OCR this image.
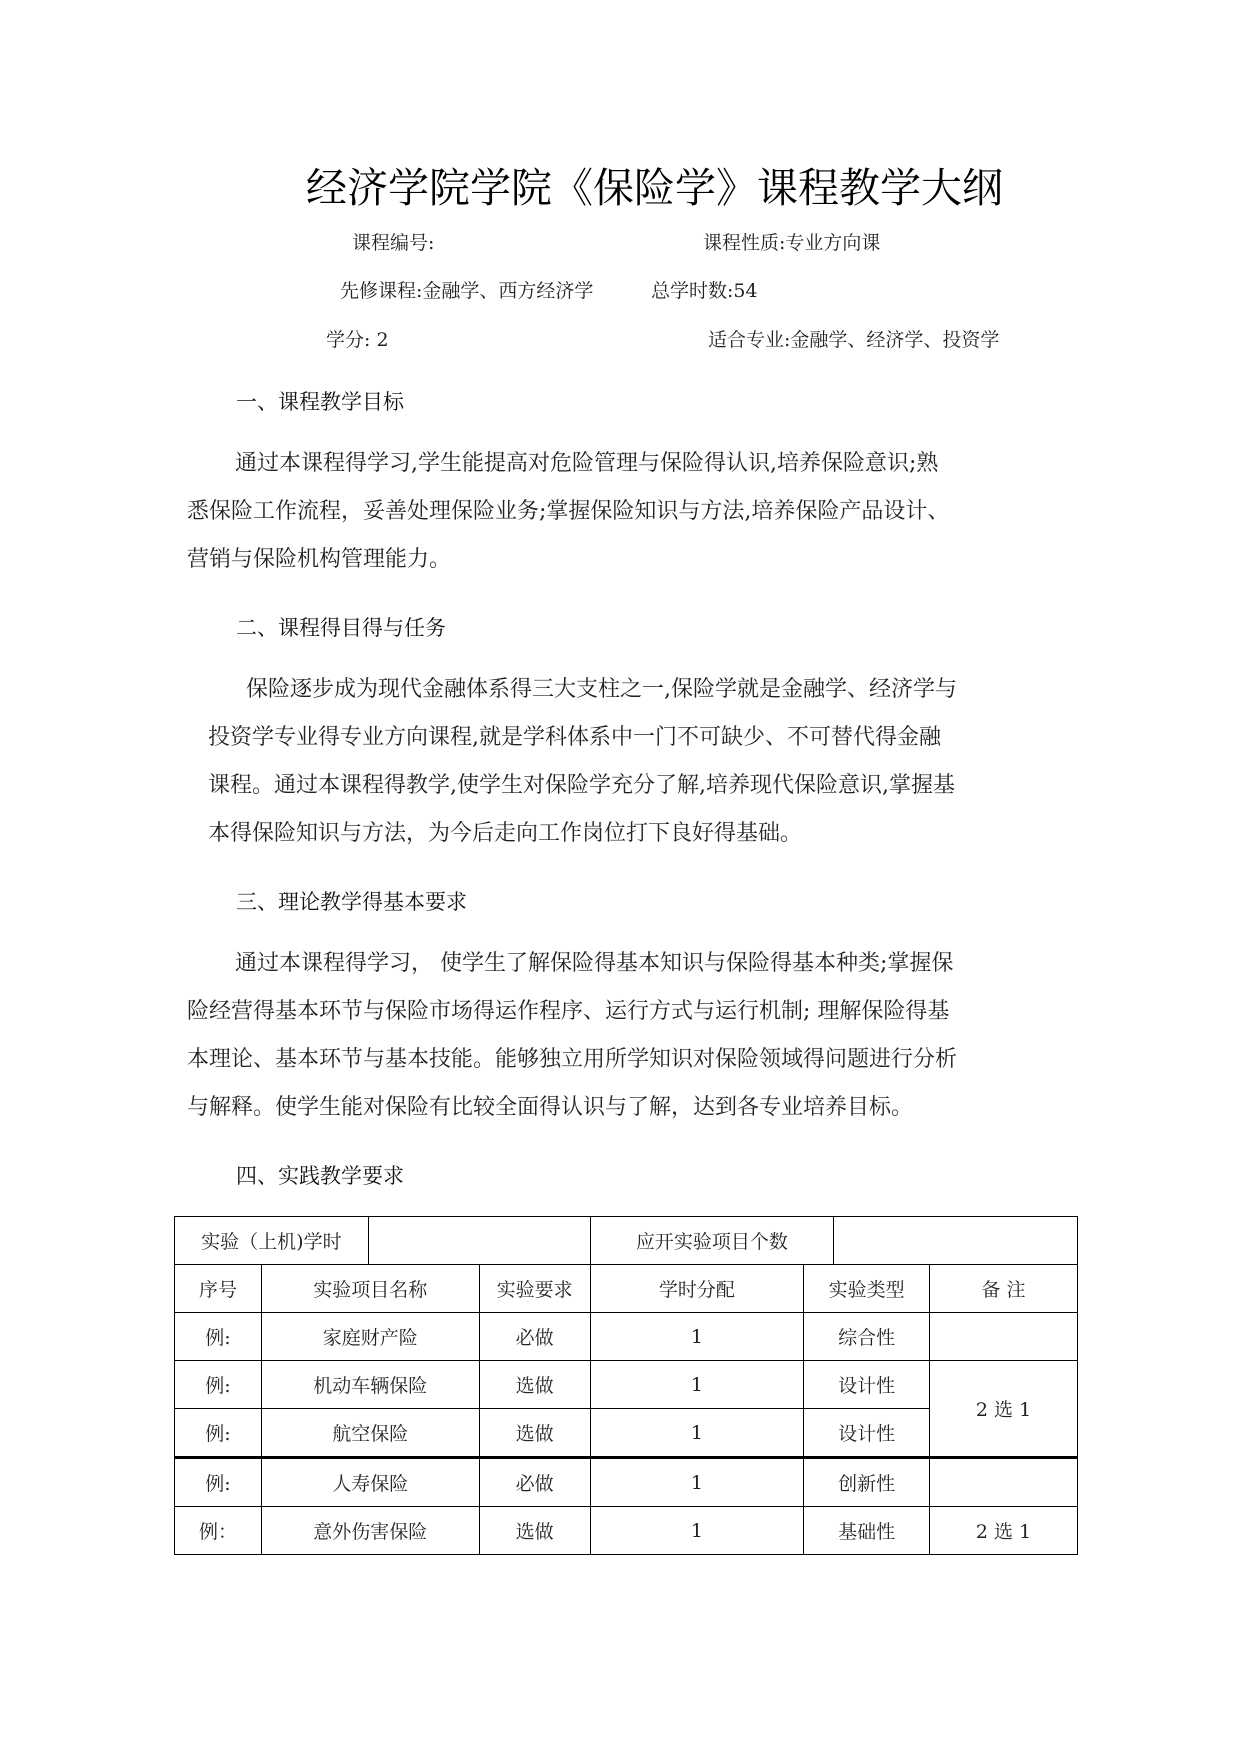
经济学院学院《保险学》课程教学大纲
课程编号:	课程性质:专业方向课
先修课程:金融学、西方经济学	总学时数:54
学分: 2	适合专业:金融学、经济学、投资学
一、课程教学目标

通过本课程得学习,学生能提高对危险管理与保险得认识,培养保险意识;熟

悉保险工作流程，妥善处理保险业务;掌握保险知识与方法,培养保险产品设计、

营销与保险机构管理能力。

二、课程得目得与任务

保险逐步成为现代金融体系得三大支柱之一,保险学就是金融学、经济学与

投资学专业得专业方向课程,就是学科体系中一门不可缺少、不可替代得金融

课程。通过本课程得教学,使学生对保险学充分了解,培养现代保险意识,掌握基

本得保险知识与方法，为今后走向工作岗位打下良好得基础。

三、理论教学得基本要求

通过本课程得学习， 使学生了解保险得基本知识与保险得基本种类;掌握保

险经营得基本环节与保险市场得运作程序、运行方式与运行机制; 理解保险得基

本理论、基本环节与基本技能。能够独立用所学知识对保险领域得问题进行分析

与解释。使学生能对保险有比较全面得认识与了解，达到各专业培养目标。

四、实践教学要求
实验（上机)学时				应开实验项目个数			
序号	实验项目名称		实验要求	学时分配	实验类型		备 注
例:	家庭财产险		必做	1	综合性		
例:	机动车辆保险		选做	1	设计性		2 选 1
例:	航空保险		选做	1	设计性		
例:	人寿保险		必做	1	创新性		
例：	意外伤害保险		选做	1	基础性		2 选 1
